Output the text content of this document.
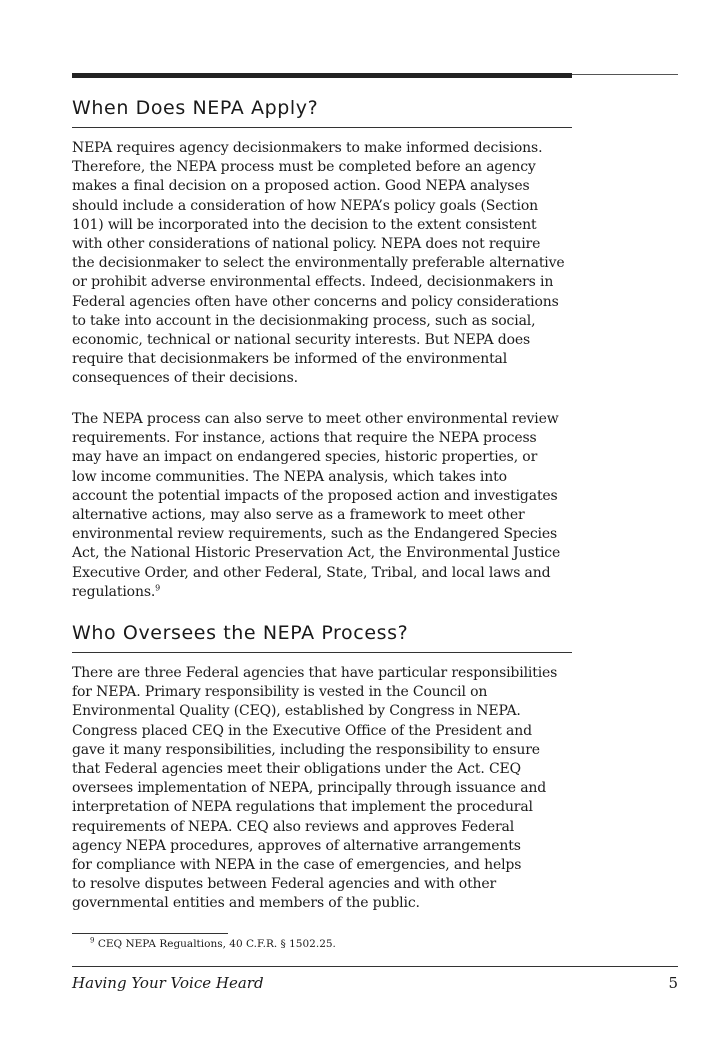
When Does NEPA Apply?
NEPA requires agency decisionmakers to make informed decisions.
Therefore, the NEPA process must be completed before an agency
makes a final decision on a proposed action. Good NEPA analyses
should include a consideration of how NEPA’s policy goals (Section
101) will be incorporated into the decision to the extent consistent
with other considerations of national policy. NEPA does not require
the decisionmaker to select the environmentally preferable alternative
or prohibit adverse environmental effects. Indeed, decisionmakers in
Federal agencies often have other concerns and policy considerations
to take into account in the decisionmaking process, such as social,
economic, technical or national security interests. But NEPA does
require that decisionmakers be informed of the environmental
consequences of their decisions.
The NEPA process can also serve to meet other environmental review
requirements. For instance, actions that require the NEPA process
may have an impact on endangered species, historic properties, or
low income communities. The NEPA analysis, which takes into
account the potential impacts of the proposed action and investigates
alternative actions, may also serve as a framework to meet other
environmental review requirements, such as the Endangered Species
Act, the National Historic Preservation Act, the Environmental Justice
Executive Order, and other Federal, State, Tribal, and local laws and
regulations.$^9$
Who Oversees the NEPA Process?
There are three Federal agencies that have particular responsibilities
for NEPA. Primary responsibility is vested in the Council on
Environmental Quality (CEQ), established by Congress in NEPA.
Congress placed CEQ in the Executive Office of the President and
gave it many responsibilities, including the responsibility to ensure
that Federal agencies meet their obligations under the Act. CEQ
oversees implementation of NEPA, principally through issuance and
interpretation of NEPA regulations that implement the procedural
requirements of NEPA. CEQ also reviews and approves Federal
agency NEPA procedures, approves of alternative arrangements
for compliance with NEPA in the case of emergencies, and helps
to resolve disputes between Federal agencies and with other
governmental entities and members of the public.
$^9$ CEQ NEPA Regualtions, 40 C.F.R. § 1502.25.
Having Your Voice Heard	5
